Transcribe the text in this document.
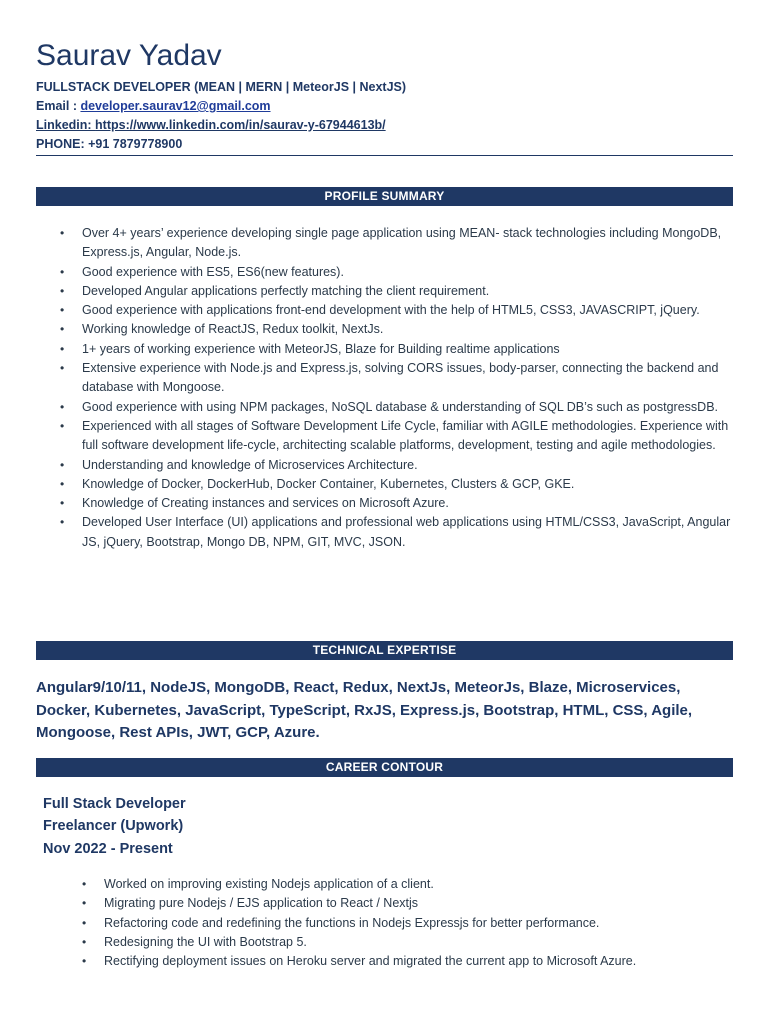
Saurav Yadav
FULLSTACK DEVELOPER (MEAN | MERN | MeteorJS | NextJS)
Email : developer.saurav12@gmail.com
Linkedin: https://www.linkedin.com/in/saurav-y-67944613b/
PHONE: +91 7879778900
PROFILE SUMMARY
• Over 4+ years’ experience developing single page application using MEAN- stack technologies including MongoDB, Express.js, Angular, Node.js.
• Good experience with ES5, ES6(new features).
• Developed Angular applications perfectly matching the client requirement.
• Good experience with applications front-end development with the help of HTML5, CSS3, JAVASCRIPT, jQuery.
• Working knowledge of ReactJS, Redux toolkit, NextJs.
• 1+ years of working experience with MeteorJS, Blaze for Building realtime applications
• Extensive experience with Node.js and Express.js, solving CORS issues, body-parser, connecting the backend and database with Mongoose.
• Good experience with using NPM packages, NoSQL database & understanding of SQL DB’s such as postgressDB.
• Experienced with all stages of Software Development Life Cycle, familiar with AGILE methodologies. Experience with full software development life-cycle, architecting scalable platforms, development, testing and agile methodologies.
• Understanding and knowledge of Microservices Architecture.
• Knowledge of Docker, DockerHub, Docker Container, Kubernetes, Clusters & GCP, GKE.
• Knowledge of Creating instances and services on Microsoft Azure.
• Developed User Interface (UI) applications and professional web applications using HTML/CSS3, JavaScript, Angular JS, jQuery, Bootstrap, Mongo DB, NPM, GIT, MVC, JSON.
TECHNICAL EXPERTISE

Angular9/10/11, NodeJS, MongoDB, React, Redux, NextJs, MeteorJs, Blaze, Microservices, Docker, Kubernetes, JavaScript, TypeScript, RxJS, Express.js, Bootstrap, HTML, CSS, Agile, Mongoose, Rest APIs, JWT, GCP, Azure.

CAREER CONTOUR
Full Stack Developer
Freelancer (Upwork)
Nov 2022 - Present
• Worked on improving existing Nodejs application of a client.
• Migrating pure Nodejs / EJS application to React / Nextjs
• Refactoring code and redefining the functions in Nodejs Expressjs for better performance.
• Redesigning the UI with Bootstrap 5.
• Rectifying deployment issues on Heroku server and migrated the current app to Microsoft Azure.
